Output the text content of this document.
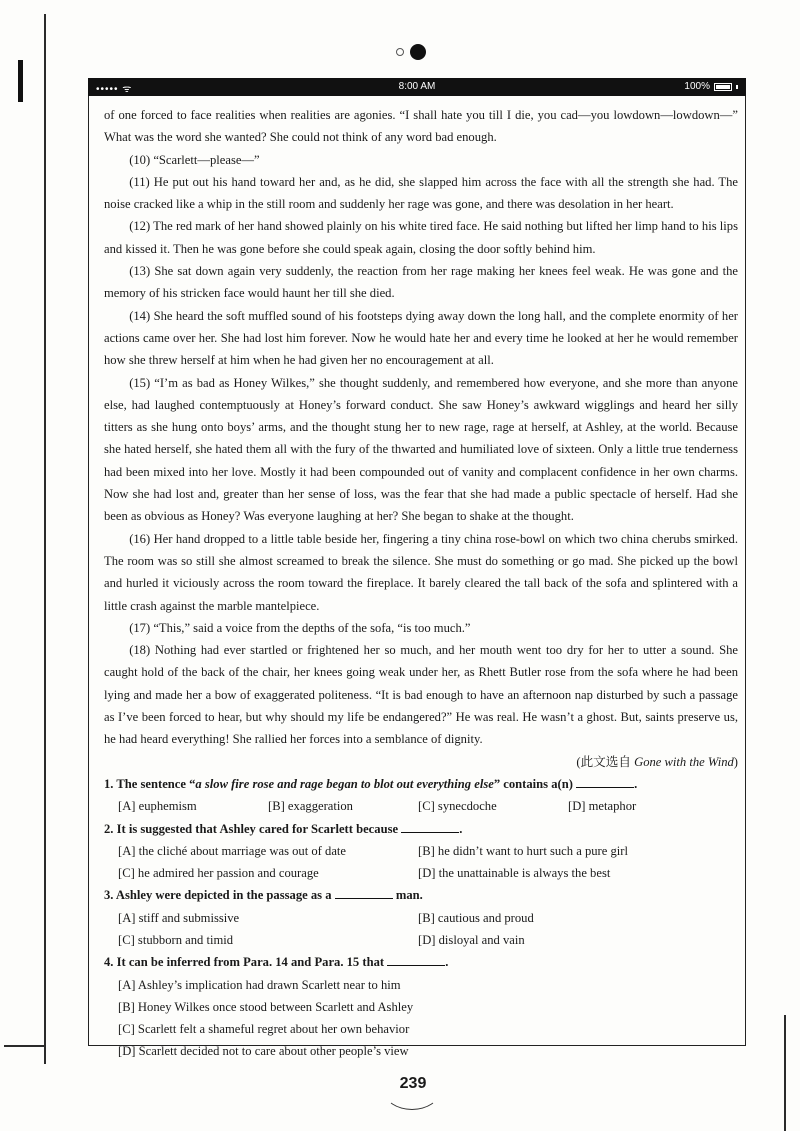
••••• ᯤ	8:00 AM	100%

of one forced to face realities when realities are agonies. “I shall hate you till I die, you cad—you lowdown—lowdown—” What was the word she wanted? She could not think of any word bad enough.

(10) “Scarlett—please—”

(11) He put out his hand toward her and, as he did, she slapped him across the face with all the strength she had. The noise cracked like a whip in the still room and suddenly her rage was gone, and there was desolation in her heart.

(12) The red mark of her hand showed plainly on his white tired face. He said nothing but lifted her limp hand to his lips and kissed it. Then he was gone before she could speak again, closing the door softly behind him.

(13) She sat down again very suddenly, the reaction from her rage making her knees feel weak. He was gone and the memory of his stricken face would haunt her till she died.

(14) She heard the soft muffled sound of his footsteps dying away down the long hall, and the complete enormity of her actions came over her. She had lost him forever. Now he would hate her and every time he looked at her he would remember how she threw herself at him when he had given her no encouragement at all.

(15) “I’m as bad as Honey Wilkes,” she thought suddenly, and remembered how everyone, and she more than anyone else, had laughed contemptuously at Honey’s forward conduct. She saw Honey’s awkward wigglings and heard her silly titters as she hung onto boys’ arms, and the thought stung her to new rage, rage at herself, at Ashley, at the world. Because she hated herself, she hated them all with the fury of the thwarted and humiliated love of sixteen. Only a little true tenderness had been mixed into her love. Mostly it had been compounded out of vanity and complacent confidence in her own charms. Now she had lost and, greater than her sense of loss, was the fear that she had made a public spectacle of herself. Had she been as obvious as Honey? Was everyone laughing at her? She began to shake at the thought.

(16) Her hand dropped to a little table beside her, fingering a tiny china rose-bowl on which two china cherubs smirked. The room was so still she almost screamed to break the silence. She must do something or go mad. She picked up the bowl and hurled it viciously across the room toward the fireplace. It barely cleared the tall back of the sofa and splintered with a little crash against the marble mantelpiece.

(17) “This,” said a voice from the depths of the sofa, “is too much.”

(18) Nothing had ever startled or frightened her so much, and her mouth went too dry for her to utter a sound. She caught hold of the back of the chair, her knees going weak under her, as Rhett Butler rose from the sofa where he had been lying and made her a bow of exaggerated politeness. “It is bad enough to have an afternoon nap disturbed by such a passage as I’ve been forced to hear, but why should my life be endangered?” He was real. He wasn’t a ghost. But, saints preserve us, he had heard everything! She rallied her forces into a semblance of dignity.

(此文选自 Gone with the Wind)

1. The sentence “a slow fire rose and rage began to blot out everything else” contains a(n)	.

[A] euphemism	[B] exaggeration	[C] synecdoche	[D] metaphor

2. It is suggested that Ashley cared for Scarlett because	.

[A] the cliché about marriage was out of date	[B] he didn’t want to hurt such a pure girl
[C] he admired her passion and courage	[D] the unattainable is always the best

3. Ashley were depicted in the passage as a	man.

[A] stiff and submissive	[B] cautious and proud
[C] stubborn and timid	[D] disloyal and vain

4. It can be inferred from Para. 14 and Para. 15 that	.

[A] Ashley’s implication had drawn Scarlett near to him

[B] Honey Wilkes once stood between Scarlett and Ashley

[C] Scarlett felt a shameful regret about her own behavior

[D] Scarlett decided not to care about other people’s view

239
